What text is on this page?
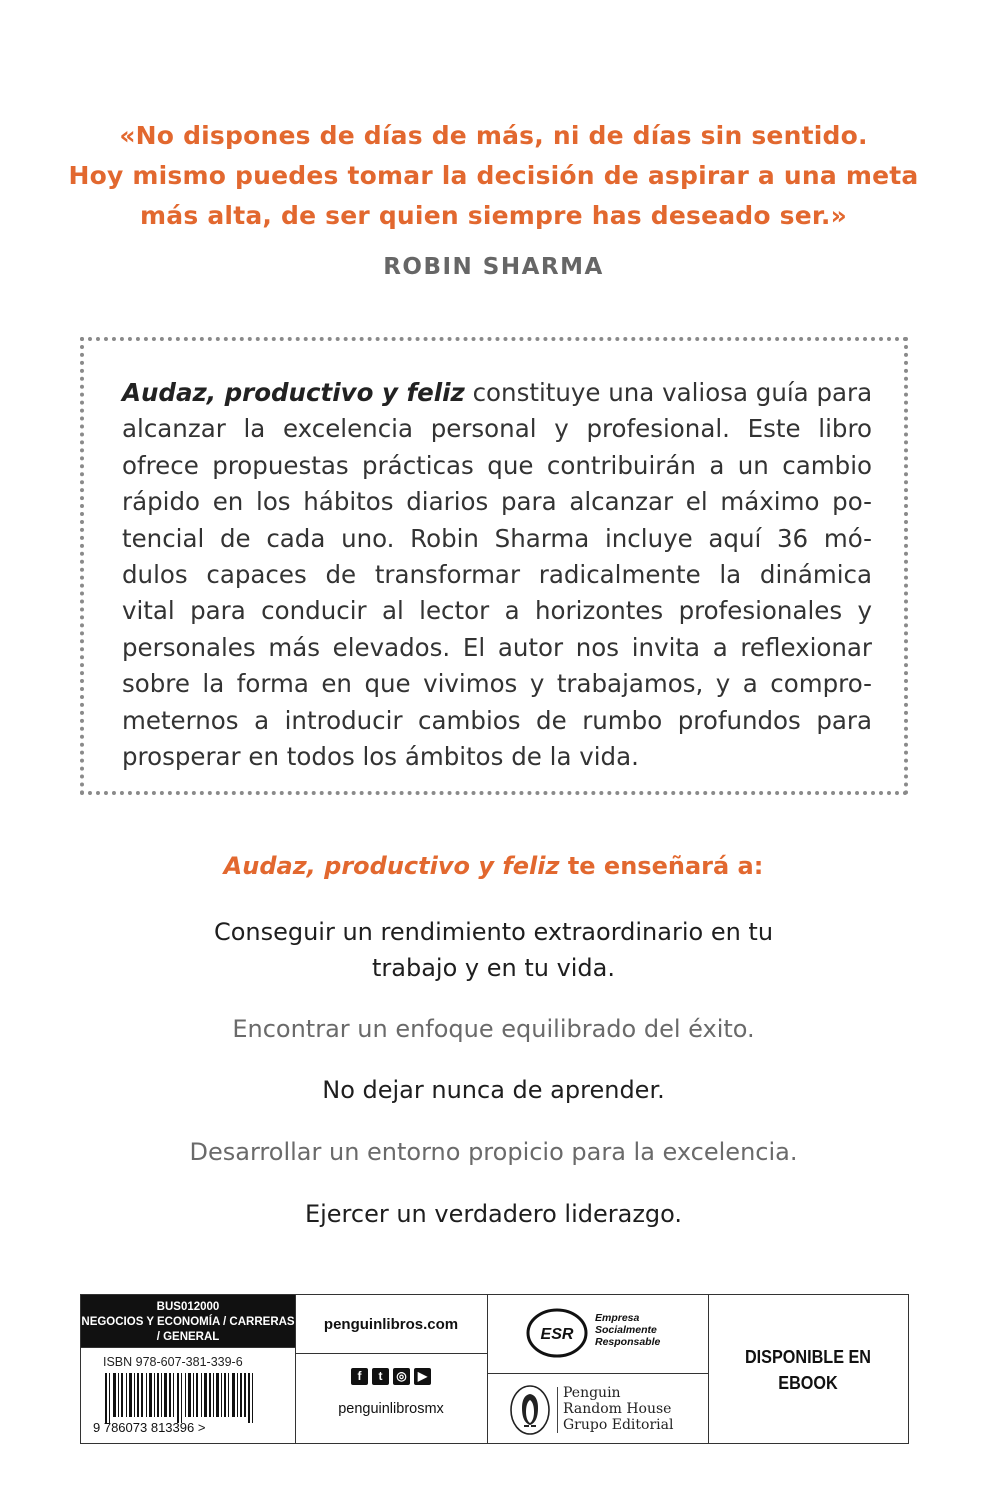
«No dispones de días de más, ni de días sin sentido.
Hoy mismo puedes tomar la decisión de aspirar a una meta
más alta, de ser quien siempre has deseado ser.»
ROBIN SHARMA
Audaz, productivo y feliz constituye una valiosa guía para
alcanzar la excelencia personal y profesional. Este libro
ofrece propuestas prácticas que contribuirán a un cambio
rápido en los hábitos diarios para alcanzar el máximo po-
tencial de cada uno. Robin Sharma incluye aquí 36 mó-
dulos capaces de transformar radicalmente la dinámica
vital para conducir al lector a horizontes profesionales y
personales más elevados. El autor nos invita a reflexionar
sobre la forma en que vivimos y trabajamos, y a compro-
meternos a introducir cambios de rumbo profundos para
prosperar en todos los ámbitos de la vida.
Audaz, productivo y feliz te enseñará a:
Conseguir un rendimiento extraordinario en tu
trabajo y en tu vida.
Encontrar un enfoque equilibrado del éxito.
No dejar nunca de aprender.
Desarrollar un entorno propicio para la excelencia.
Ejercer un verdadero liderazgo.
BUS012000
NEGOCIOS Y ECONOMÍA / CARRERAS
/ GENERAL
ISBN 978-607-381-339-6
9 786073 813396 >
penguinlibros.com
f t ◎ ▶
penguinlibrosmx
ESR
Empresa
Socialmente
Responsable
Penguin
Random House
Grupo Editorial
DISPONIBLE EN
EBOOK
